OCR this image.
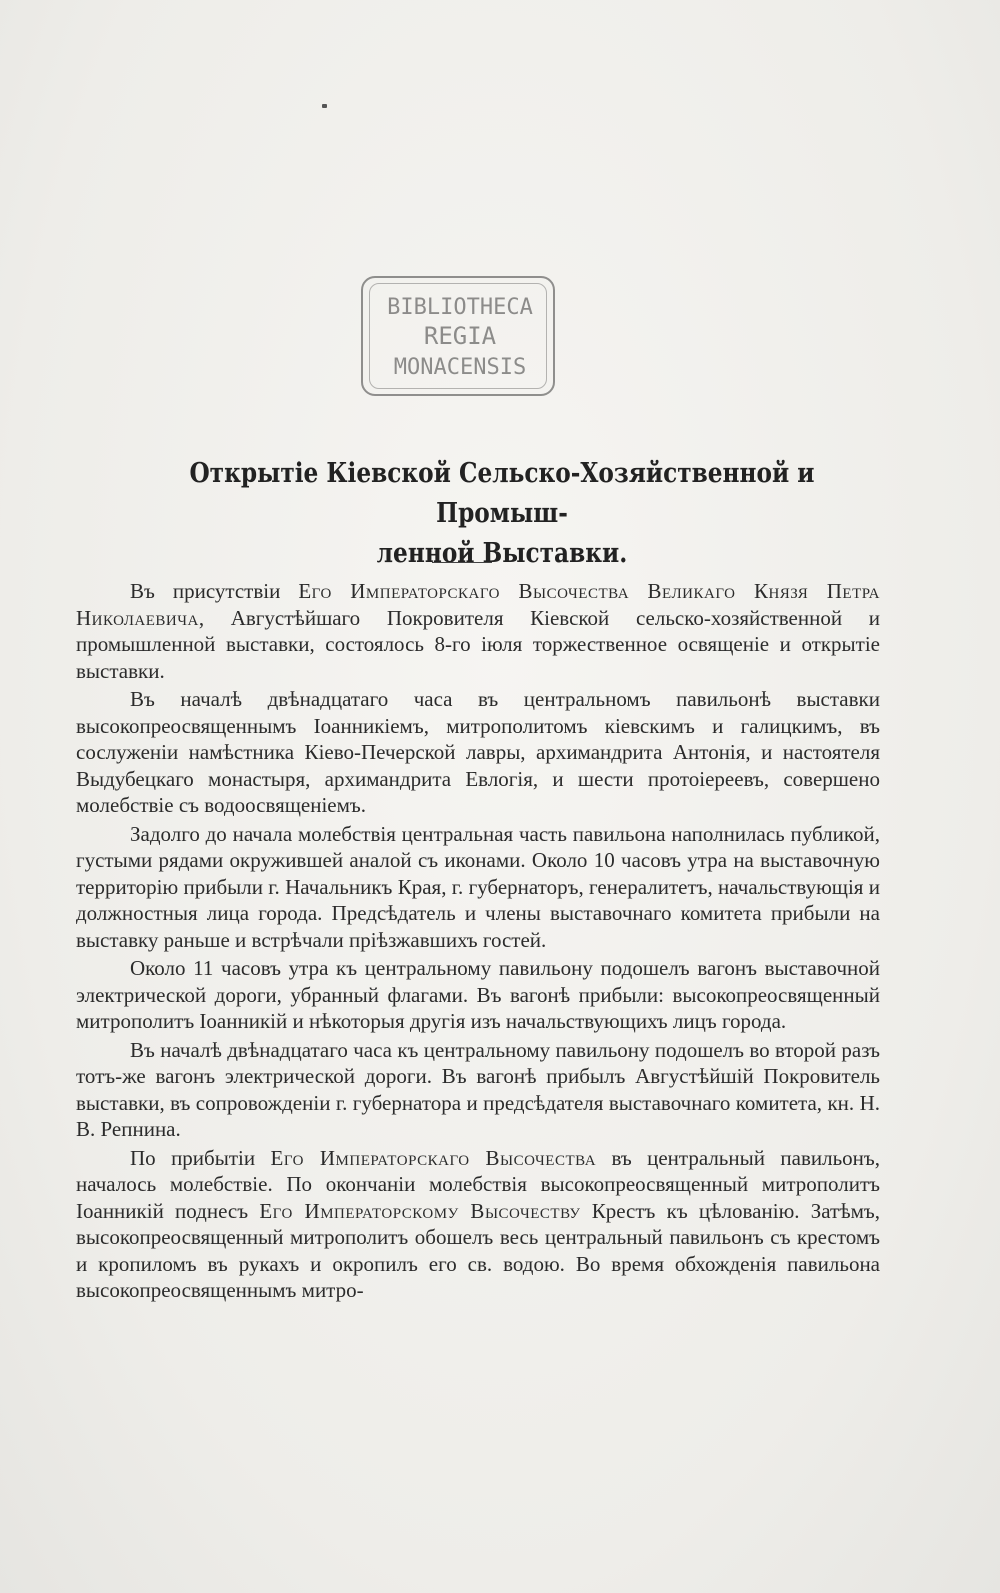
BIBLIOTHECA
REGIA
MONACENSIS
Открытіе Кіевской Сельско-Хозяйственной и Промыш-
ленной Выставки.

Въ присутствіи Его Императорскаго Высочества Великаго Князя Петра Николаевича, Августѣйшаго Покровителя Кіевской сельско-хозяйственной и промышленной выставки, состоялось 8-го іюля торжественное освященіе и открытіе выставки.

Въ началѣ двѣнадцатаго часа въ центральномъ павильонѣ выставки высокопреосвященнымъ Іоанникіемъ, митрополитомъ кіевскимъ и галицкимъ, въ сослуженіи намѣстника Кіево-Печерской лавры, архимандрита Антонія, и настоятеля Выдубецкаго монастыря, архимандрита Евлогія, и шести протоіереевъ, совершено молебствіе съ водоосвященіемъ.

Задолго до начала молебствія центральная часть павильона наполнилась публикой, густыми рядами окружившей аналой съ иконами. Около 10 часовъ утра на выставочную территорію прибыли г. Начальникъ Края, г. губернаторъ, генералитетъ, начальствующія и должностныя лица города. Предсѣдатель и члены выставочнаго комитета прибыли на выставку раньше и встрѣчали пріѣзжавшихъ гостей.

Около 11 часовъ утра къ центральному павильону подошелъ вагонъ выставочной электрической дороги, убранный флагами. Въ вагонѣ прибыли: высокопреосвященный митрополитъ Іоанникій и нѣкоторыя другія изъ начальствующихъ лицъ города.

Въ началѣ двѣнадцатаго часа къ центральному павильону подошелъ во второй разъ тотъ-же вагонъ электрической дороги. Въ вагонѣ прибылъ Августѣйшій Покровитель выставки, въ сопровожденіи г. губернатора и предсѣдателя выставочнаго комитета, кн. Н. В. Репнина.

По прибытіи Его Императорскаго Высочества въ центральный павильонъ, началось молебствіе. По окончаніи молебствія высокопреосвященный митрополитъ Іоанникій поднесъ Его Императорскому Высочеству Крестъ къ цѣлованію. Затѣмъ, высокопреосвященный митрополитъ обошелъ весь центральный павильонъ съ крестомъ и кропиломъ въ рукахъ и окропилъ его св. водою. Во время обхожденія павильона высокопреосвященнымъ митро-
